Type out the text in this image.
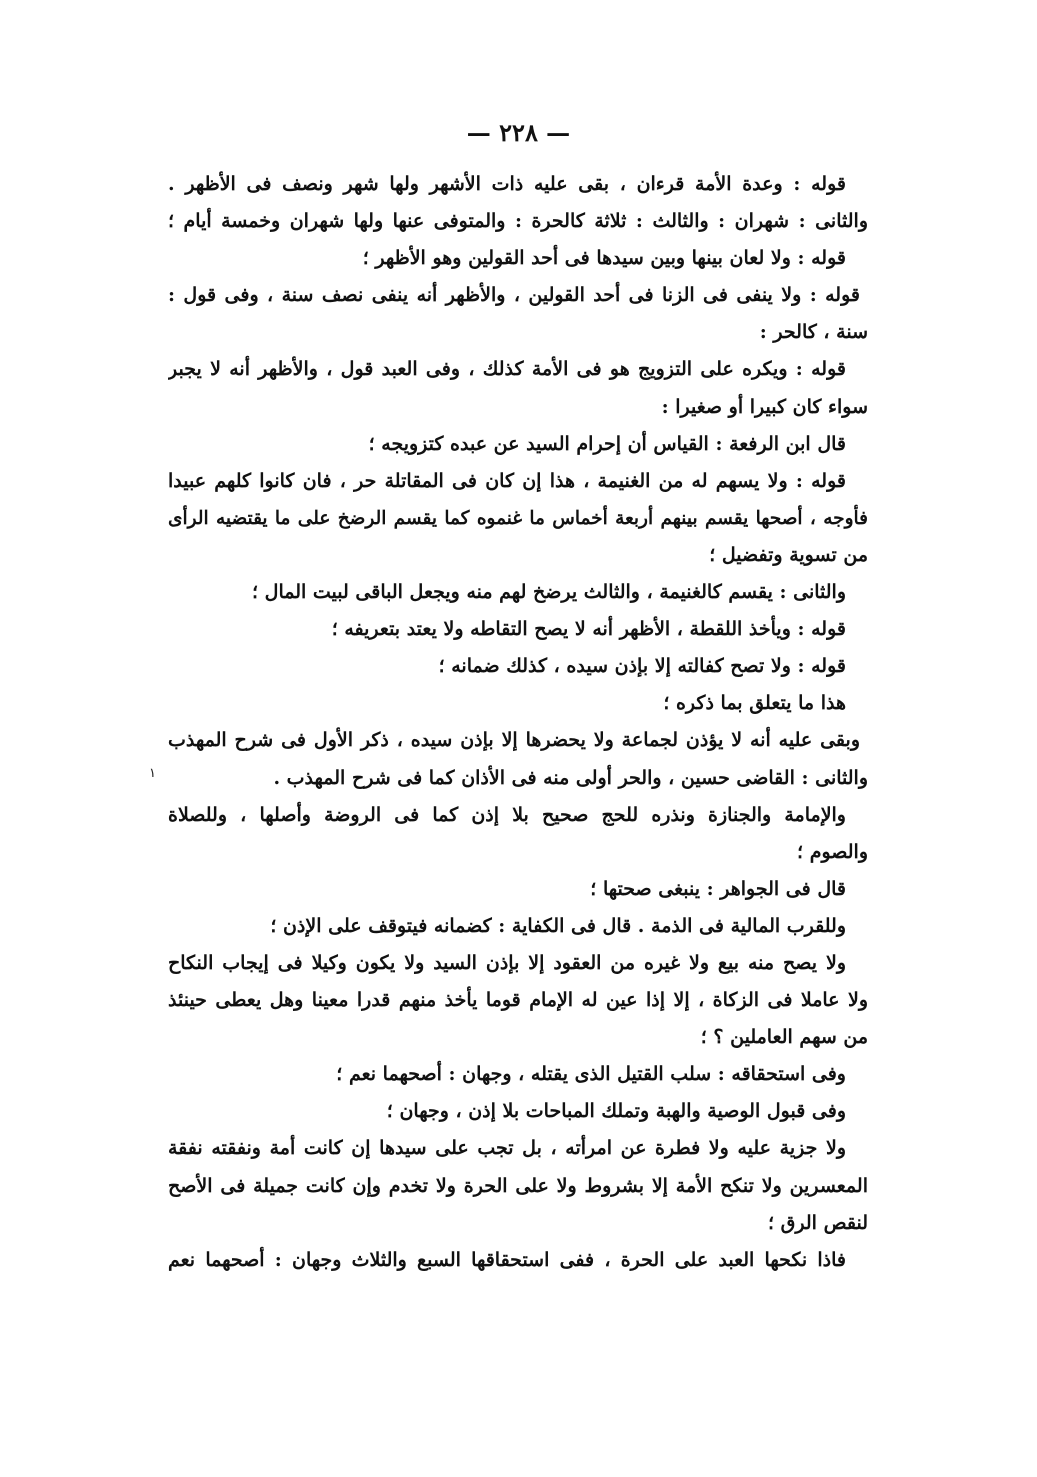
— ٢٢٨ —
١
قوله : وعدة الأمة قرءان ، بقى عليه ذات الأشهر ولها شهر ونصف فى الأظهر .
والثانى : شهران : والثالث : ثلاثة كالحرة : والمتوفى عنها ولها شهران وخمسة أيام ؛
قوله : ولا لعان بينها وبين سيدها فى أحد القولين وهو الأظهر ؛
قوله : ولا ينفى فى الزنا فى أحد القولين ، والأظهر أنه ينفى نصف سنة ، وفى قول :
سنة ، كالحر :
قوله : ويكره على التزويج هو فى الأمة كذلك ، وفى العبد قول ، والأظهر أنه لا يجبر
سواء كان كبيرا أو صغيرا :
قال ابن الرفعة : القياس أن إحرام السيد عن عبده كتزويجه ؛
قوله : ولا يسهم له من الغنيمة ، هذا إن كان فى المقاتلة حر ، فان كانوا كلهم عبيدا
فأوجه ، أصحها يقسم بينهم أربعة أخماس ما غنموه كما يقسم الرضخ على ما يقتضيه الرأى
من تسوية وتفضيل ؛
والثانى : يقسم كالغنيمة ، والثالث يرضخ لهم منه ويجعل الباقى لبيت المال ؛
قوله : ويأخذ اللقطة ، الأظهر أنه لا يصح التقاطه ولا يعتد بتعريفه ؛
قوله : ولا تصح كفالته إلا بإذن سيده ، كذلك ضمانه ؛
هذا ما يتعلق بما ذكره ؛
وبقى عليه أنه لا يؤذن لجماعة ولا يحضرها إلا بإذن سيده ، ذكر الأول فى شرح المهذب
والثانى : القاضى حسين ، والحر أولى منه فى الأذان كما فى شرح المهذب .
والإمامة والجنازة ونذره للحج صحيح بلا إذن كما فى الروضة وأصلها ، وللصلاة
والصوم ؛
قال فى الجواهر : ينبغى صحتها ؛
وللقرب المالية فى الذمة . قال فى الكفاية : كضمانه فيتوقف على الإذن ؛
ولا يصح منه بيع ولا غيره من العقود إلا بإذن السيد ولا يكون وكيلا فى إيجاب النكاح
ولا عاملا فى الزكاة ، إلا إذا عين له الإمام قوما يأخذ منهم قدرا معينا وهل يعطى حينئذ
من سهم العاملين ؟ ؛
وفى استحقاقه : سلب القتيل الذى يقتله ، وجهان : أصحهما نعم ؛
وفى قبول الوصية والهبة وتملك المباحات بلا إذن ، وجهان ؛
ولا جزية عليه ولا فطرة عن امرأته ، بل تجب على سيدها إن كانت أمة ونفقته نفقة
المعسرين ولا تنكح الأمة إلا بشروط ولا على الحرة ولا تخدم وإن كانت جميلة فى الأصح
لنقص الرق ؛
فاذا نكحها العبد على الحرة ، ففى استحقاقها السبع والثلاث وجهان : أصحهما نعم
